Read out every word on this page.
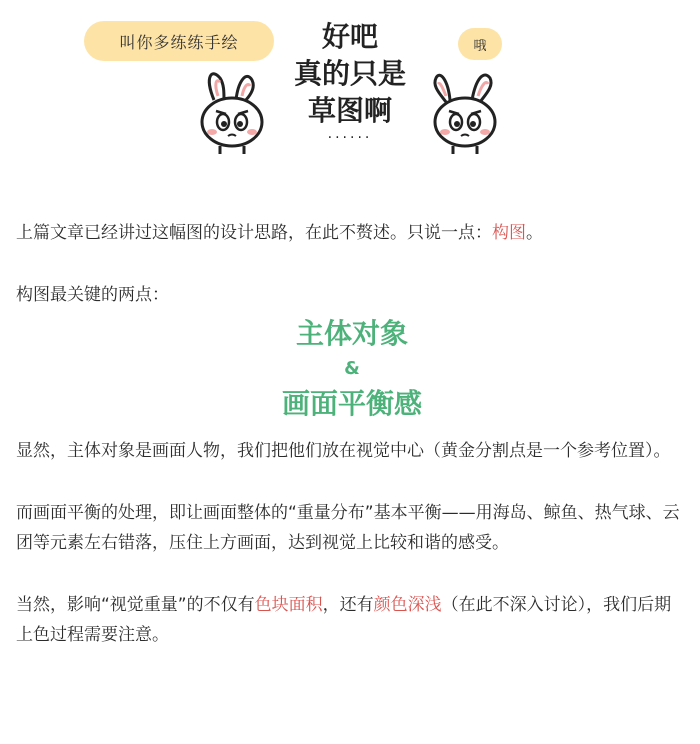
叫你多练练手绘	哦
好吧
真的只是
草图啊
······

上篇文章已经讲过这幅图的设计思路，在此不赘述。只说一点：构图。

构图最关键的两点：

主体对象
&
画面平衡感

显然，主体对象是画面人物，我们把他们放在视觉中心（黄金分割点是一个参考位置）。

而画面平衡的处理，即让画面整体的“重量分布”基本平衡——用海岛、鲸鱼、热气球、云团等元素左右错落，压住上方画面，达到视觉上比较和谐的感受。

当然，影响“视觉重量”的不仅有色块面积，还有颜色深浅（在此不深入讨论），我们后期上色过程需要注意。
